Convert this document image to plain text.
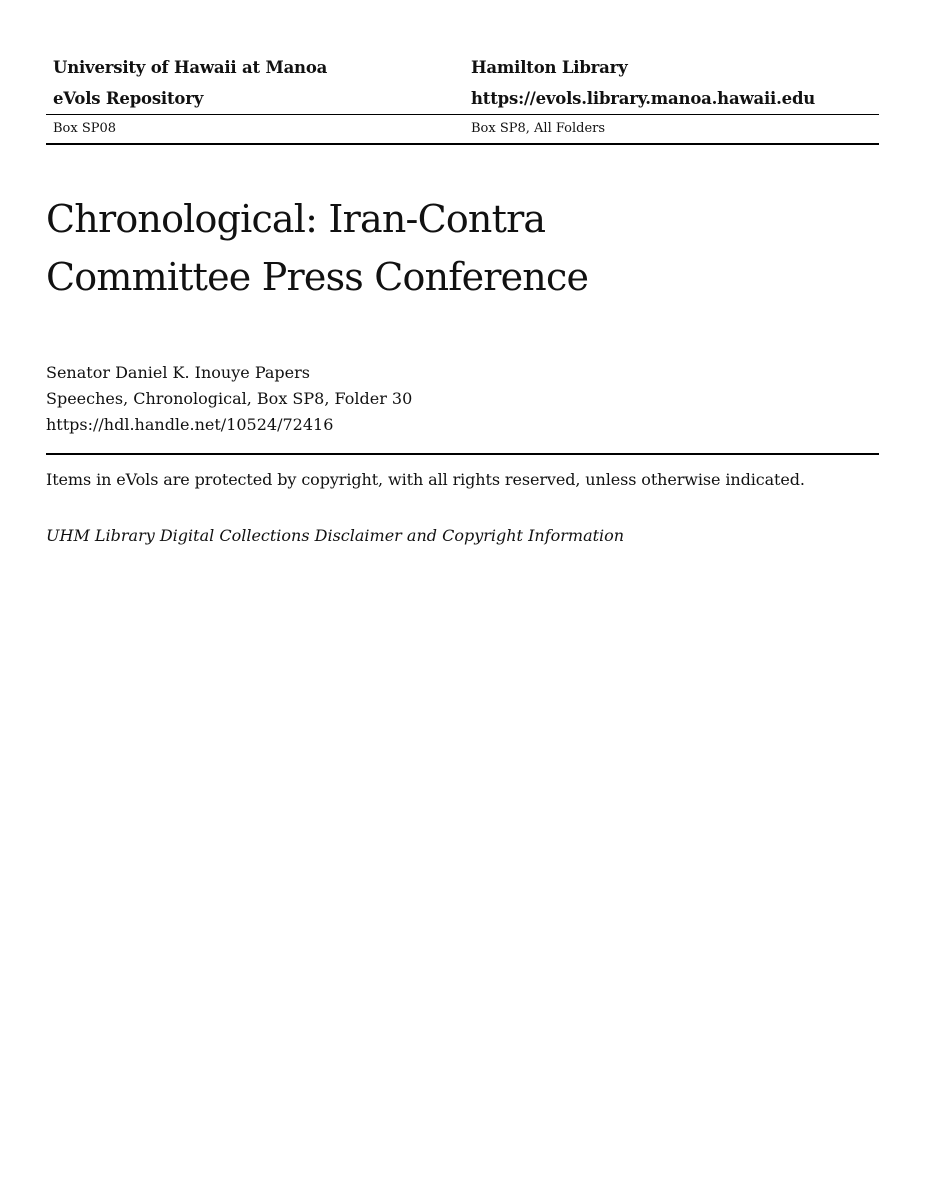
University of Hawaii at Manoa	Hamilton Library
eVols Repository	https://evols.library.manoa.hawaii.edu
Box SP08	Box SP8, All Folders
Chronological: Iran-Contra
Committee Press Conference
Senator Daniel K. Inouye Papers
Speeches, Chronological, Box SP8, Folder 30
https://hdl.handle.net/10524/72416
Items in eVols are protected by copyright, with all rights reserved, unless otherwise indicated.
UHM Library Digital Collections Disclaimer and Copyright Information
